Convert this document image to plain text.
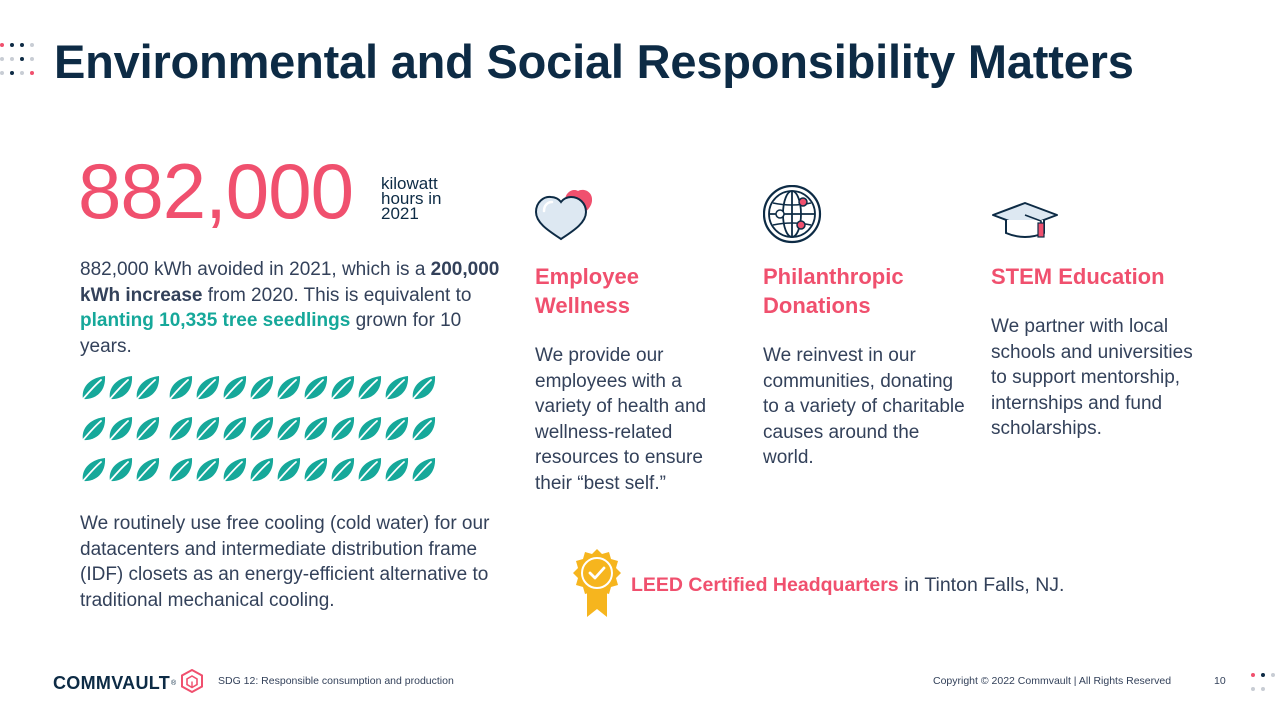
Environmental and Social Responsibility Matters
882,000 kilowatt
hours in
2021

882,000 kWh avoided in 2021, which is a 200,000 kWh increase from 2020. This is equivalent to planting 10,335 tree seedlings grown for 10 years.

We routinely use free cooling (cold water) for our datacenters and intermediate distribution frame (IDF) closets as an energy-efficient alternative to traditional mechanical cooling.

Employee Wellness
We provide our employees with a variety of health and wellness-related resources to ensure their “best self.”
Philanthropic Donations
We reinvest in our communities, donating to a variety of charitable causes around the world.
STEM Education
We partner with local schools and universities to support mentorship, internships and fund scholarships.
LEED Certified Headquarters in Tinton Falls, NJ.
COMMVAULT ®	SDG 12: Responsible consumption and production	Copyright © 2022 Commvault | All Rights Reserved	10
